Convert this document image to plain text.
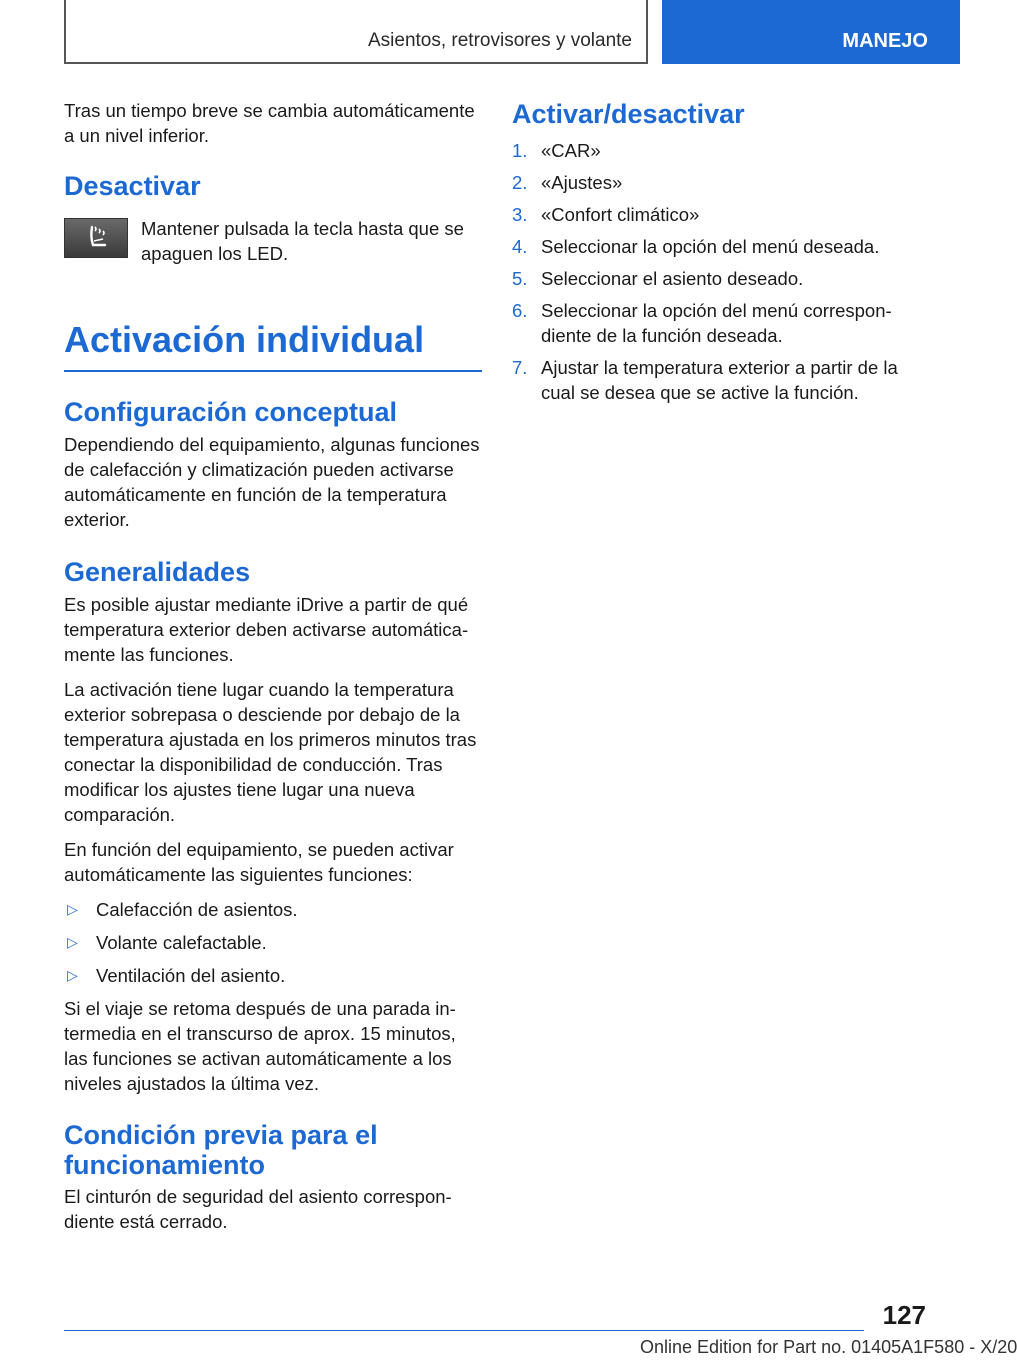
Asientos, retrovisores y volante	MANEJO

Tras un tiempo breve se cambia automáticamente a un nivel inferior.

Desactivar

Mantener pulsada la tecla hasta que se apaguen los LED.

Activación individual
Configuración conceptual

Dependiendo del equipamiento, algunas funciones de calefacción y climatización pueden activarse automáticamente en función de la temperatura exterior.

Generalidades

Es posible ajustar mediante iDrive a partir de qué temperatura exterior deben activarse automáticamente las funciones.

La activación tiene lugar cuando la temperatura exterior sobrepasa o desciende por debajo de la temperatura ajustada en los primeros minutos tras conectar la disponibilidad de conducción. Tras modificar los ajustes tiene lugar una nueva comparación.

En función del equipamiento, se pueden activar automáticamente las siguientes funciones:

▷ Calefacción de asientos.
▷ Volante calefactable.
▷ Ventilación del asiento.

Si el viaje se retoma después de una parada intermedia en el transcurso de aprox. 15 minutos, las funciones se activan automáticamente a los niveles ajustados la última vez.

Condición previa para el funcionamiento

El cinturón de seguridad del asiento correspondiente está cerrado.

Activar/desactivar
1. «CAR»
2. «Ajustes»
3. «Confort climático»
4. Seleccionar la opción del menú deseada.
5. Seleccionar el asiento deseado.
6. Seleccionar la opción del menú correspondiente de la función deseada.
7. Ajustar la temperatura exterior a partir de la cual se desea que se active la función.
127
Online Edition for Part no. 01405A1F580 - X/20
